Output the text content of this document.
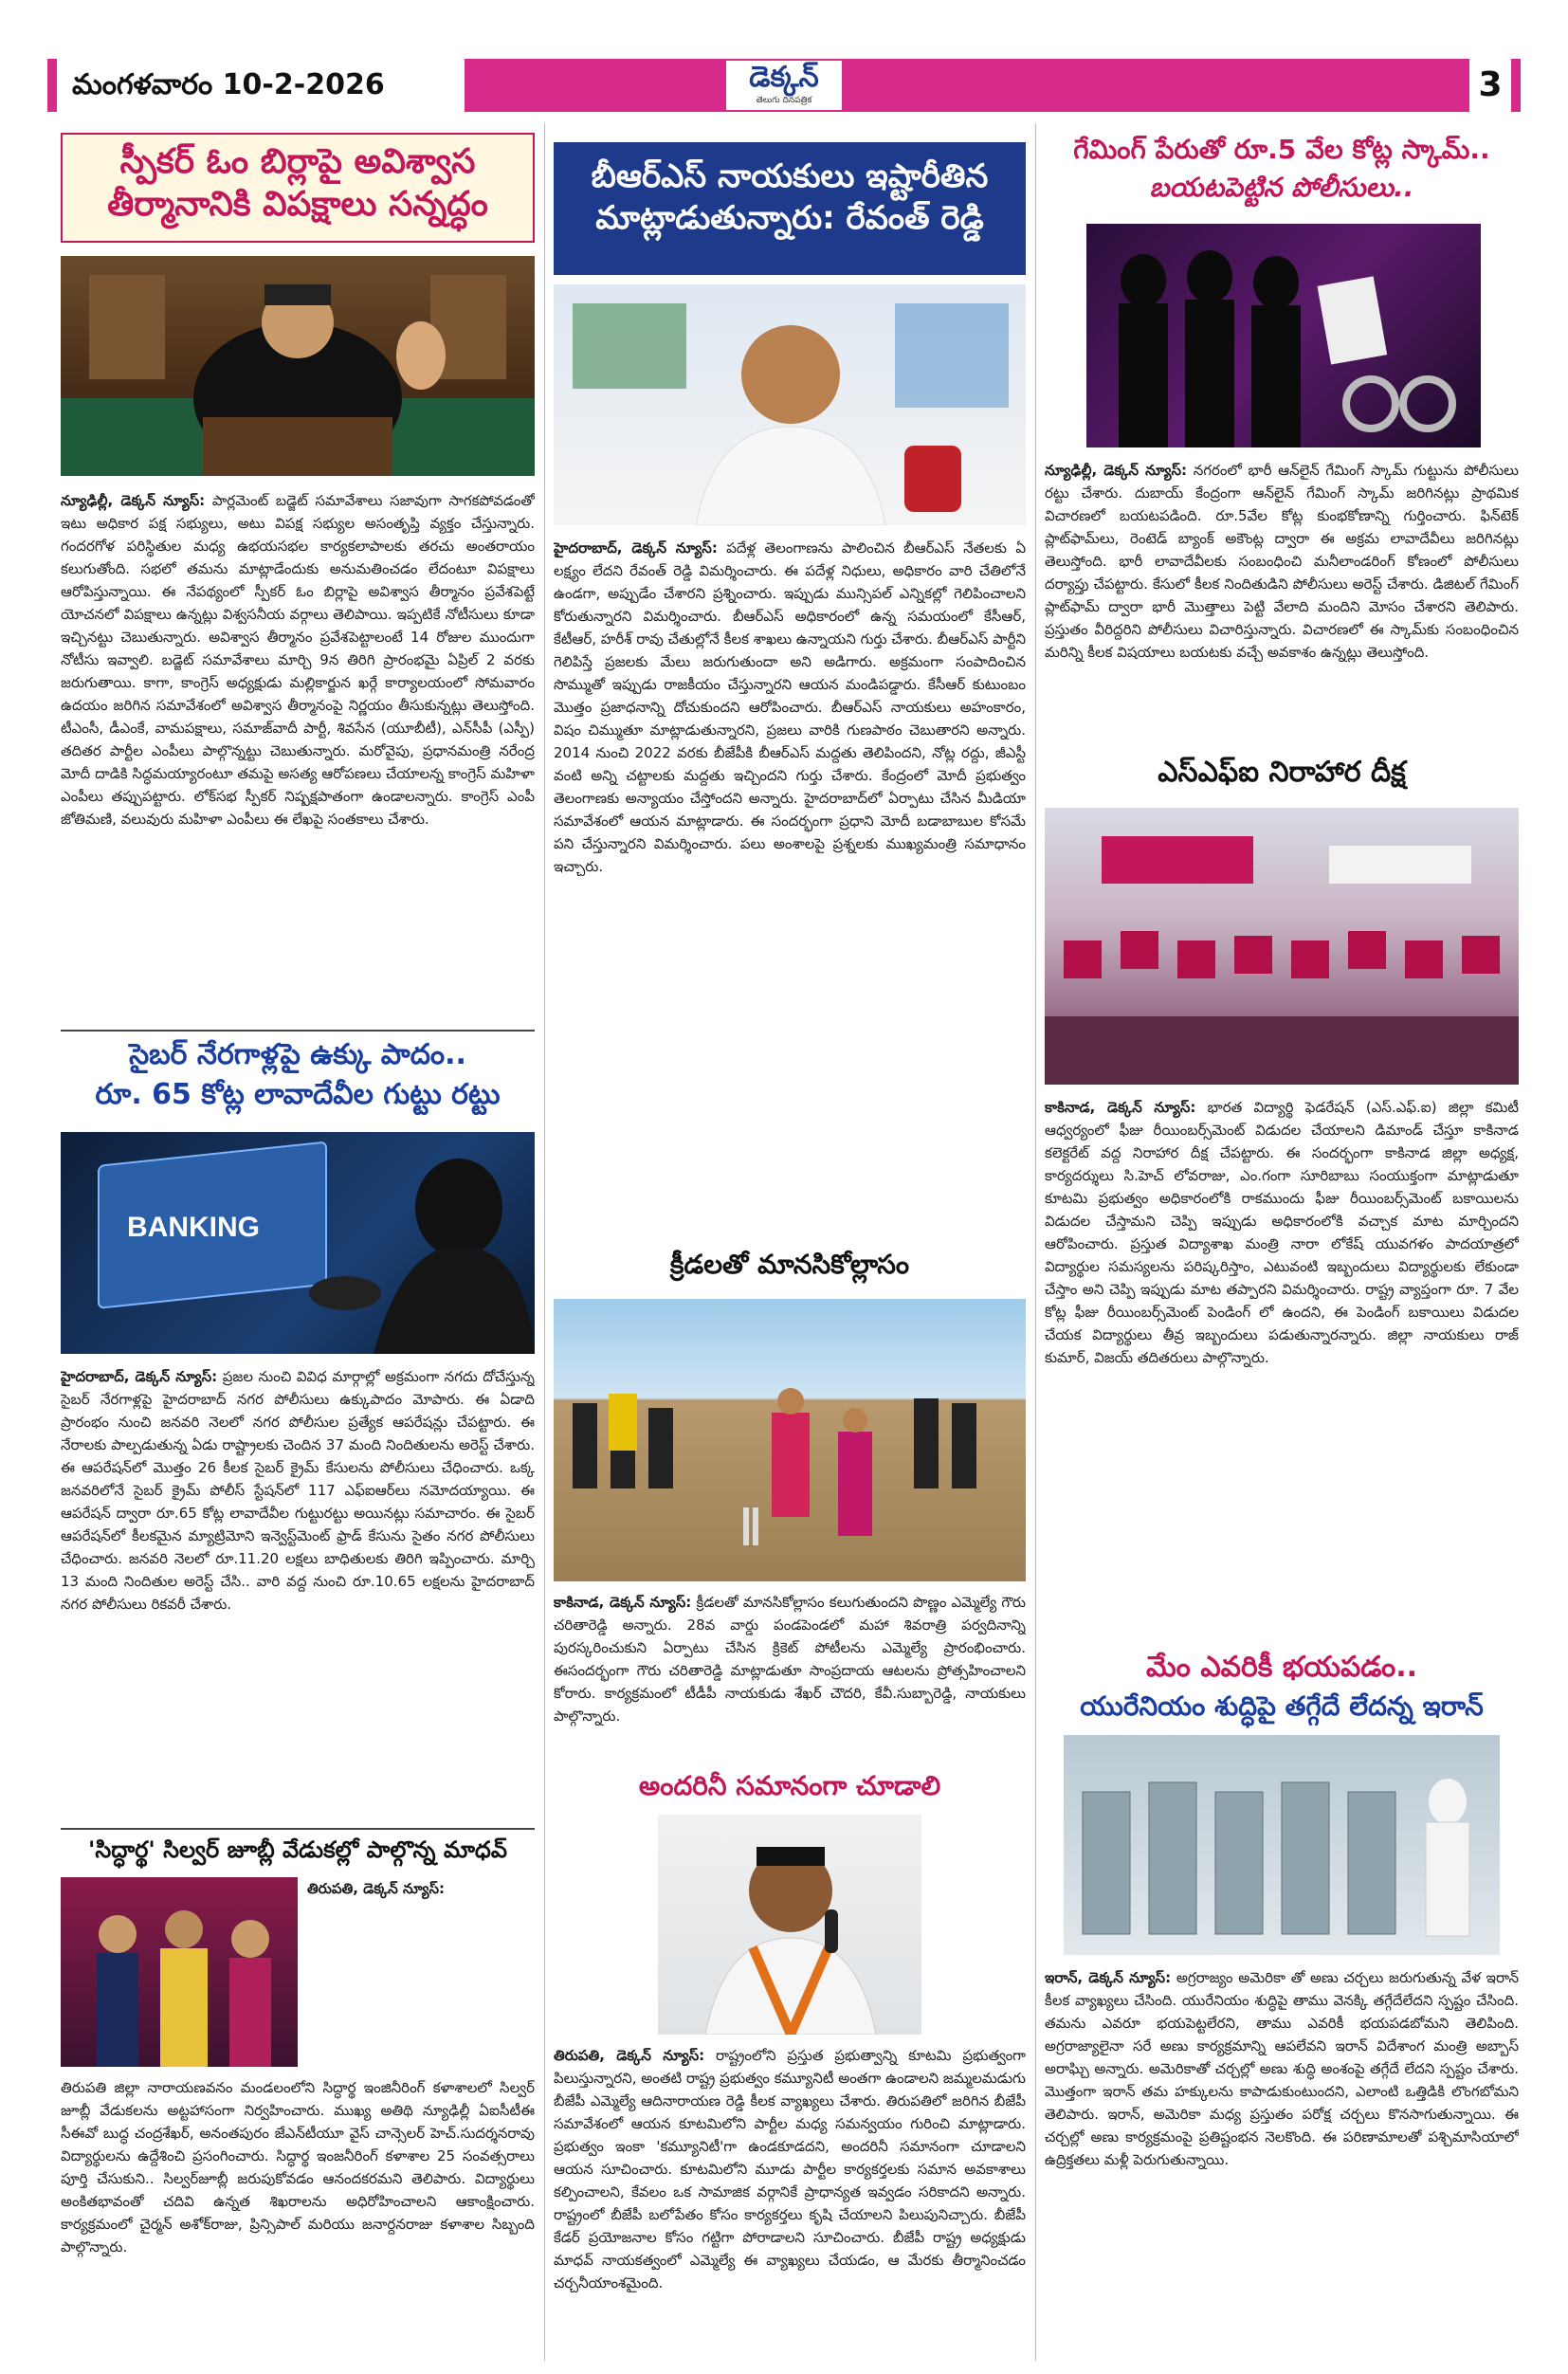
మంగళవారం 10-2-2026	డెక్కన్
తెలుగు దినపత్రిక	3
స్పీకర్ ఓం బిర్లాపై అవిశ్వాస తీర్మానానికి విపక్షాలు సన్నద్ధం
న్యూఢిల్లీ, డెక్కన్ న్యూస్: పార్లమెంట్ బడ్జెట్ సమావేశాలు సజావుగా సాగకపోవడంతో ఇటు అధికార పక్ష సభ్యులు, అటు విపక్ష సభ్యుల అసంతృప్తి వ్యక్తం చేస్తున్నారు. గందరగోళ పరిస్థితుల మధ్య ఉభయసభల కార్యకలాపాలకు తరచు అంతరాయం కలుగుతోంది. సభలో తమను మాట్లాడేందుకు అనుమతించడం లేదంటూ విపక్షాలు ఆరోపిస్తున్నాయి. ఈ నేపథ్యంలో స్పీకర్ ఓం బిర్లాపై అవిశ్వాస తీర్మానం ప్రవేశపెట్టే యోచనలో విపక్షాలు ఉన్నట్లు విశ్వసనీయ వర్గాలు తెలిపాయి. ఇప్పటికే నోటీసులు కూడా ఇచ్చినట్టు చెబుతున్నారు. అవిశ్వాస తీర్మానం ప్రవేశపెట్టాలంటే 14 రోజుల ముందుగా నోటీసు ఇవ్వాలి. బడ్జెట్ సమావేశాలు మార్చి 9న తిరిగి ప్రారంభమై ఏప్రిల్ 2 వరకు జరుగుతాయి. కాగా, కాంగ్రెస్ అధ్యక్షుడు మల్లికార్జున ఖర్గే కార్యాలయంలో సోమవారం ఉదయం జరిగిన సమావేశంలో అవిశ్వాస తీర్మానంపై నిర్ణయం తీసుకున్నట్లు తెలుస్తోంది. టీఎంసీ, డీఎంకే, వామపక్షాలు, సమాజ్‌వాదీ పార్టీ, శివసేన (యూబీటీ), ఎన్‌సీపీ (ఎస్పీ) తదితర పార్టీల ఎంపీలు పాల్గొన్నట్టు చెబుతున్నారు. మరోవైపు, ప్రధానమంత్రి నరేంద్ర మోదీ దాడికి సిద్ధమయ్యారంటూ తమపై అసత్య ఆరోపణలు చేయాలన్న కాంగ్రెస్ మహిళా ఎంపీలు తప్పుపట్టారు. లోక్‌సభ స్పీకర్ నిష్పక్షపాతంగా ఉండాలన్నారు. కాంగ్రెస్ ఎంపీ జోతిమణి, వలువురు మహిళా ఎంపీలు ఈ లేఖపై సంతకాలు చేశారు.
సైబర్ నేరగాళ్లపై ఉక్కు పాదం..
రూ. 65 కోట్ల లావాదేవీల గుట్టు రట్టు
BANKING
హైదరాబాద్, డెక్కన్ న్యూస్: ప్రజల నుంచి వివిధ మార్గాల్లో అక్రమంగా నగదు దోచేస్తున్న సైబర్ నేరగాళ్లపై హైదరాబాద్ నగర పోలీసులు ఉక్కుపాదం మోపారు. ఈ ఏడాది ప్రారంభం నుంచి జనవరి నెలలో నగర పోలీసుల ప్రత్యేక ఆపరేషన్లు చేపట్టారు. ఈ నేరాలకు పాల్పడుతున్న ఏడు రాష్ట్రాలకు చెందిన 37 మంది నిందితులను అరెస్ట్ చేశారు. ఈ ఆపరేషన్‌లో మొత్తం 26 కీలక సైబర్ క్రైమ్ కేసులను పోలీసులు చేధించారు. ఒక్క జనవరిలోనే సైబర్ క్రైమ్ పోలీస్ స్టేషన్‌లో 117 ఎఫ్‌ఐఆర్‌లు నమోదయ్యాయి. ఈ ఆపరేషన్ ద్వారా రూ.65 కోట్ల లావాదేవీల గుట్టురట్టు అయినట్లు సమాచారం. ఈ సైబర్ ఆపరేషన్‌లో కీలకమైన మ్యాట్రిమోని ఇన్వెస్ట్‌మెంట్ ఫ్రాడ్ కేసును సైతం నగర పోలీసులు చేధించారు. జనవరి నెలలో రూ.11.20 లక్షలు బాధితులకు తిరిగి ఇప్పించారు. మార్చి 13 మంది నిందితుల అరెస్ట్ చేసి.. వారి వద్ద నుంచి రూ.10.65 లక్షలను హైదరాబాద్ నగర పోలీసులు రికవరీ చేశారు.
'సిద్ధార్థ' సిల్వర్ జూబ్లీ వేడుకల్లో పాల్గొన్న మాధవ్
తిరుపతి, డెక్కన్ న్యూస్:
తిరుపతి జిల్లా నారాయణవనం మండలంలోని సిద్ధార్థ ఇంజినీరింగ్ కళాశాలలో సిల్వర్ జూబ్లీ వేడుకలను అట్టహాసంగా నిర్వహించారు. ముఖ్య అతిథి న్యూఢిల్లీ ఏఐసీటీఈ సీఈవో బుద్ధ చంద్రశేఖర్, అనంతపురం జేఎన్‌టీయూ వైస్ చాన్సెలర్ హెచ్.సుదర్శనరావు విద్యార్థులను ఉద్దేశించి ప్రసంగించారు. సిద్ధార్థ ఇంజనీరింగ్ కళాశాల 25 సంవత్సరాలు పూర్తి చేసుకుని.. సిల్వర్‌జూబ్లీ జరుపుకోవడం ఆనందకరమని తెలిపారు. విద్యార్థులు అంకితభావంతో చదివి ఉన్నత శిఖరాలను అధిరోహించాలని ఆకాంక్షించారు. కార్యక్రమంలో చైర్మన్ అశోక్‌రాజు, ప్రిన్సిపాల్ మరియు జనార్దనరాజు కళాశాల సిబ్బంది పాల్గొన్నారు.
బీఆర్ఎస్ నాయకులు ఇష్టారీతిన
మాట్లాడుతున్నారు: రేవంత్ రెడ్డి
హైదరాబాద్, డెక్కన్ న్యూస్: పదేళ్ల తెలంగాణను పాలించిన బీఆర్ఎస్ నేతలకు ఏ లక్ష్యం లేదని రేవంత్ రెడ్డి విమర్శించారు. ఈ పదేళ్ల నిధులు, అధికారం వారి చేతిలోనే ఉండగా, అప్పుడేం చేశారని ప్రశ్నించారు. ఇప్పుడు మున్సిపల్ ఎన్నికల్లో గెలిపించాలని కోరుతున్నారని విమర్శించారు. బీఆర్ఎస్ అధికారంలో ఉన్న సమయంలో కేసీఆర్, కేటీఆర్, హరీశ్ రావు చేతుల్లోనే కీలక శాఖలు ఉన్నాయని గుర్తు చేశారు. బీఆర్ఎస్ పార్టీని గెలిపిస్తే ప్రజలకు మేలు జరుగుతుందా అని అడిగారు. అక్రమంగా సంపాదించిన సొమ్ముతో ఇప్పుడు రాజకీయం చేస్తున్నారని ఆయన మండిపడ్డారు. కేసీఆర్ కుటుంబం మొత్తం ప్రజాధనాన్ని దోచుకుందని ఆరోపించారు. బీఆర్ఎస్ నాయకులు అహంకారం, విషం చిమ్ముతూ మాట్లాడుతున్నారని, ప్రజలు వారికి గుణపాఠం చెబుతారని అన్నారు. 2014 నుంచి 2022 వరకు బీజేపీకి బీఆర్ఎస్ మద్దతు తెలిపిందని, నోట్ల రద్దు, జీఎస్టీ వంటి అన్ని చట్టాలకు మద్దతు ఇచ్చిందని గుర్తు చేశారు. కేంద్రంలో మోదీ ప్రభుత్వం తెలంగాణకు అన్యాయం చేస్తోందని అన్నారు. హైదరాబాద్‌లో ఏర్పాటు చేసిన మీడియా సమావేశంలో ఆయన మాట్లాడారు. ఈ సందర్భంగా ప్రధాని మోదీ బడాబాబుల కోసమే పని చేస్తున్నారని విమర్శించారు. పలు అంశాలపై ప్రశ్నలకు ముఖ్యమంత్రి సమాధానం ఇచ్చారు.
క్రీడలతో మానసికోల్లాసం
కాకినాడ, డెక్కన్ న్యూస్: క్రీడలతో మానసికోల్లాసం కలుగుతుందని పొణ్ణం ఎమ్మెల్యే గౌరు చరితారెడ్డి అన్నారు. 28వ వార్డు పండపెండలో మహా శివరాత్రి పర్వదినాన్ని పురస్కరించుకుని ఏర్పాటు చేసిన క్రికెట్ పోటీలను ఎమ్మెల్యే ప్రారంభించారు. ఈసందర్భంగా గౌరు చరితారెడ్డి మాట్లాడుతూ సాంప్రదాయ ఆటలను ప్రోత్సహించాలని కోరారు. కార్యక్రమంలో టీడీపీ నాయకుడు శేఖర్ చౌదరి, కేవీ.సుబ్బారెడ్డి, నాయకులు పాల్గొన్నారు.
అందరినీ సమానంగా చూడాలి
తిరుపతి, డెక్కన్ న్యూస్: రాష్ట్రంలోని ప్రస్తుత ప్రభుత్వాన్ని కూటమి ప్రభుత్వంగా పిలుస్తున్నారని, అంతటి రాష్ట్ర ప్రభుత్వం కమ్యూనిటీ అంతగా ఉండాలని జమ్మలమడుగు బీజేపీ ఎమ్మెల్యే ఆదినారాయణ రెడ్డి కీలక వ్యాఖ్యలు చేశారు. తిరుపతిలో జరిగిన బీజేపీ సమావేశంలో ఆయన కూటమిలోని పార్టీల మధ్య సమన్వయం గురించి మాట్లాడారు. ప్రభుత్వం ఇంకా 'కమ్యూనిటీ'గా ఉండకూడదని, అందరినీ సమానంగా చూడాలని ఆయన సూచించారు. కూటమిలోని మూడు పార్టీల కార్యకర్తలకు సమాన అవకాశాలు కల్పించాలని, కేవలం ఒక సామాజిక వర్గానికే ప్రాధాన్యత ఇవ్వడం సరికాదని అన్నారు. రాష్ట్రంలో బీజేపీ బలోపేతం కోసం కార్యకర్తలు కృషి చేయాలని పిలుపునిచ్చారు. బీజేపీ కేడర్ ప్రయోజనాల కోసం గట్టిగా పోరాడాలని సూచించారు. బీజేపీ రాష్ట్ర అధ్యక్షుడు మాధవ్ నాయకత్వంలో ఎమ్మెల్యే ఈ వ్యాఖ్యలు చేయడం, ఆ మేరకు తీర్మానించడం చర్చనీయాంశమైంది.
గేమింగ్ పేరుతో రూ.5 వేల కోట్ల స్కామ్..
బయటపెట్టిన పోలీసులు..
న్యూఢిల్లీ, డెక్కన్ న్యూస్: నగరంలో భారీ ఆన్‌లైన్ గేమింగ్ స్కామ్ గుట్టును పోలీసులు రట్టు చేశారు. దుబాయ్ కేంద్రంగా ఆన్‌లైన్ గేమింగ్ స్కామ్ జరిగినట్లు ప్రాథమిక విచారణలో బయటపడింది. రూ.5వేల కోట్ల కుంభకోణాన్ని గుర్తించారు. ఫిన్‌టెక్ ప్లాట్‌ఫామ్‌లు, రెంటెడ్ బ్యాంక్ అకౌంట్ల ద్వారా ఈ అక్రమ లావాదేవీలు జరిగినట్లు తెలుస్తోంది. భారీ లావాదేవీలకు సంబంధించి మనీలాండరింగ్ కోణంలో పోలీసులు దర్యాప్తు చేపట్టారు. కేసులో కీలక నిందితుడిని పోలీసులు అరెస్ట్ చేశారు. డిజిటల్ గేమింగ్ ప్లాట్‌ఫామ్ ద్వారా భారీ మొత్తాలు పెట్టి వేలాది మందిని మోసం చేశారని తెలిపారు. ప్రస్తుతం వీరిద్దరిని పోలీసులు విచారిస్తున్నారు. విచారణలో ఈ స్కామ్‌కు సంబంధించిన మరిన్ని కీలక విషయాలు బయటకు వచ్చే అవకాశం ఉన్నట్లు తెలుస్తోంది.
ఎస్ఎఫ్ఐ నిరాహార దీక్ష
కాకినాడ, డెక్కన్ న్యూస్: భారత విద్యార్థి ఫెడరేషన్ (ఎస్.ఎఫ్.ఐ) జిల్లా కమిటీ ఆధ్వర్యంలో ఫీజు రీయింబర్స్‌మెంట్ విడుదల చేయాలని డిమాండ్ చేస్తూ కాకినాడ కలెక్టరేట్ వద్ద నిరాహార దీక్ష చేపట్టారు. ఈ సందర్భంగా కాకినాడ జిల్లా అధ్యక్ష, కార్యదర్శులు సి.హెచ్ లోవరాజు, ఎం.గంగా సూరిబాబు సంయుక్తంగా మాట్లాడుతూ కూటమి ప్రభుత్వం అధికారంలోకి రాకముందు ఫీజు రీయింబర్స్‌మెంట్ బకాయిలను విడుదల చేస్తామని చెప్పి ఇప్పుడు అధికారంలోకి వచ్చాక మాట మార్చిందని ఆరోపించారు. ప్రస్తుత విద్యాశాఖ మంత్రి నారా లోకేష్ యువగళం పాదయాత్రలో విద్యార్థుల సమస్యలను పరిష్కరిస్తాం, ఎటువంటి ఇబ్బందులు విద్యార్థులకు లేకుండా చేస్తాం అని చెప్పి ఇప్పుడు మాట తప్పారని విమర్శించారు. రాష్ట్ర వ్యాప్తంగా రూ. 7 వేల కోట్ల ఫీజు రీయింబర్స్‌మెంట్ పెండింగ్ లో ఉందని, ఈ పెండింగ్ బకాయిలు విడుదల చేయక విద్యార్థులు తీవ్ర ఇబ్బందులు పడుతున్నారన్నారు. జిల్లా నాయకులు రాజ్ కుమార్, విజయ్ తదితరులు పాల్గొన్నారు.
మేం ఎవరికీ భయపడం..
యురేనియం శుద్ధిపై తగ్గేదే లేదన్న ఇరాన్
ఇరాన్, డెక్కన్ న్యూస్: అగ్రరాజ్యం అమెరికా తో అణు చర్చలు జరుగుతున్న వేళ ఇరాన్ కీలక వ్యాఖ్యలు చేసింది. యురేనియం శుద్ధిపై తాము వెనక్కి తగ్గేదేలేదని స్పష్టం చేసింది. తమను ఎవరూ భయపెట్టలేరని, తాము ఎవరికీ భయపడబోమని తెలిపింది. అగ్రరాజ్యాలైనా సరే అణు కార్యక్రమాన్ని ఆపలేవని ఇరాన్ విదేశాంగ మంత్రి అబ్బాస్ అరాఘ్చి అన్నారు. అమెరికాతో చర్చల్లో అణు శుద్ధి అంశంపై తగ్గేదే లేదని స్పష్టం చేశారు. మొత్తంగా ఇరాన్ తమ హక్కులను కాపాడుకుంటుందని, ఎలాంటి ఒత్తిడికి లొంగబోమని తెలిపారు. ఇరాన్, అమెరికా మధ్య ప్రస్తుతం పరోక్ష చర్చలు కొనసాగుతున్నాయి. ఈ చర్చల్లో అణు కార్యక్రమంపై ప్రతిష్టంభన నెలకొంది. ఈ పరిణామాలతో పశ్చిమాసియాలో ఉద్రిక్తతలు మళ్లీ పెరుగుతున్నాయి.
